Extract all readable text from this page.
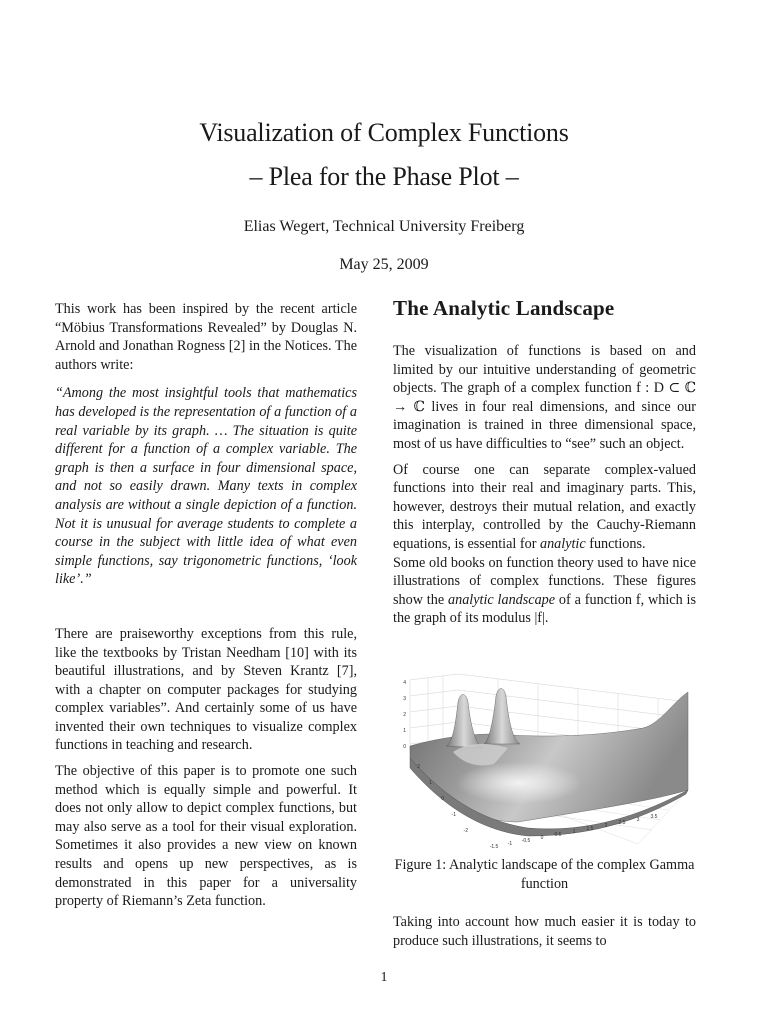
Visualization of Complex Functions
– Plea for the Phase Plot –
Elias Wegert, Technical University Freiberg
May 25, 2009

This work has been inspired by the recent article “Möbius Transformations Revealed” by Douglas N. Arnold and Jonathan Rogness [2] in the Notices. The authors write:

“Among the most insightful tools that mathematics has developed is the representation of a function of a real variable by its graph. … The situation is quite different for a function of a complex variable. The graph is then a surface in four dimensional space, and not so easily drawn. Many texts in complex analysis are without a single depiction of a function. Not it is unusual for average students to complete a course in the subject with little idea of what even simple functions, say trigonometric functions, ‘look like’.”

There are praiseworthy exceptions from this rule, like the textbooks by Tristan Needham [10] with its beautiful illustrations, and by Steven Krantz [7], with a chapter on computer packages for studying complex variables”. And certainly some of us have invented their own techniques to visualize complex functions in teaching and research.

The objective of this paper is to promote one such method which is equally simple and powerful. It does not only allow to depict complex functions, but may also serve as a tool for their visual exploration. Sometimes it also provides a new view on known results and opens up new perspectives, as is demonstrated in this paper for a universality property of Riemann’s Zeta function.

The Analytic Landscape

The visualization of functions is based on and limited by our intuitive understanding of geometric objects. The graph of a complex function f : D ⊂ ℂ → ℂ lives in four real dimensions, and since our imagination is trained in three dimensional space, most of us have difficulties to “see” such an object.

Of course one can separate complex-valued functions into their real and imaginary parts. This, however, destroys their mutual relation, and exactly this interplay, controlled by the Cauchy-Riemann equations, is essential for analytic functions.

Some old books on function theory used to have nice illustrations of complex functions. These figures show the analytic landscape of a function f, which is the graph of its modulus |f|.

4
3
2
1
0
2
1
0
-1
-2
-1.5 -1 -0.5 0 0.5 1 1.5 2 2.5 3 3.5
Figure 1: Analytic landscape of the complex Gamma function
Taking into account how much easier it is today to produce such illustrations, it seems to
1
